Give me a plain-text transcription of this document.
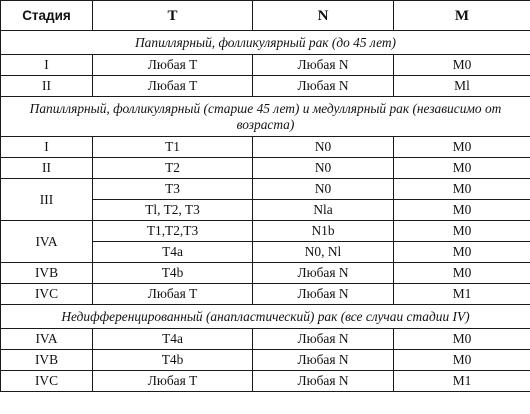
Стадия	T	N	M
Папиллярный, фолликулярный рак (до 45 лет)			
I	Любая T	Любая N	M0
II	Любая T	Любая N	Ml
Папиллярный, фолликулярный (старше 45 лет) и медуллярный рак (независимо от возраста)			
I	T1	N0	M0
II	T2	N0	M0
III	T3	N0	M0
	Tl, T2, T3	Nla	M0
IVA	T1,T2,T3	N1b	M0
	T4a	N0, Nl	M0
IVB	T4b	Любая N	M0
IVC	Любая T	Любая N	M1
Недифференцированный (анапластический) рак (все случаи стадии IV)			
IVA	T4a	Любая N	M0
IVB	T4b	Любая N	M0
IVC	Любая T	Любая N	M1
